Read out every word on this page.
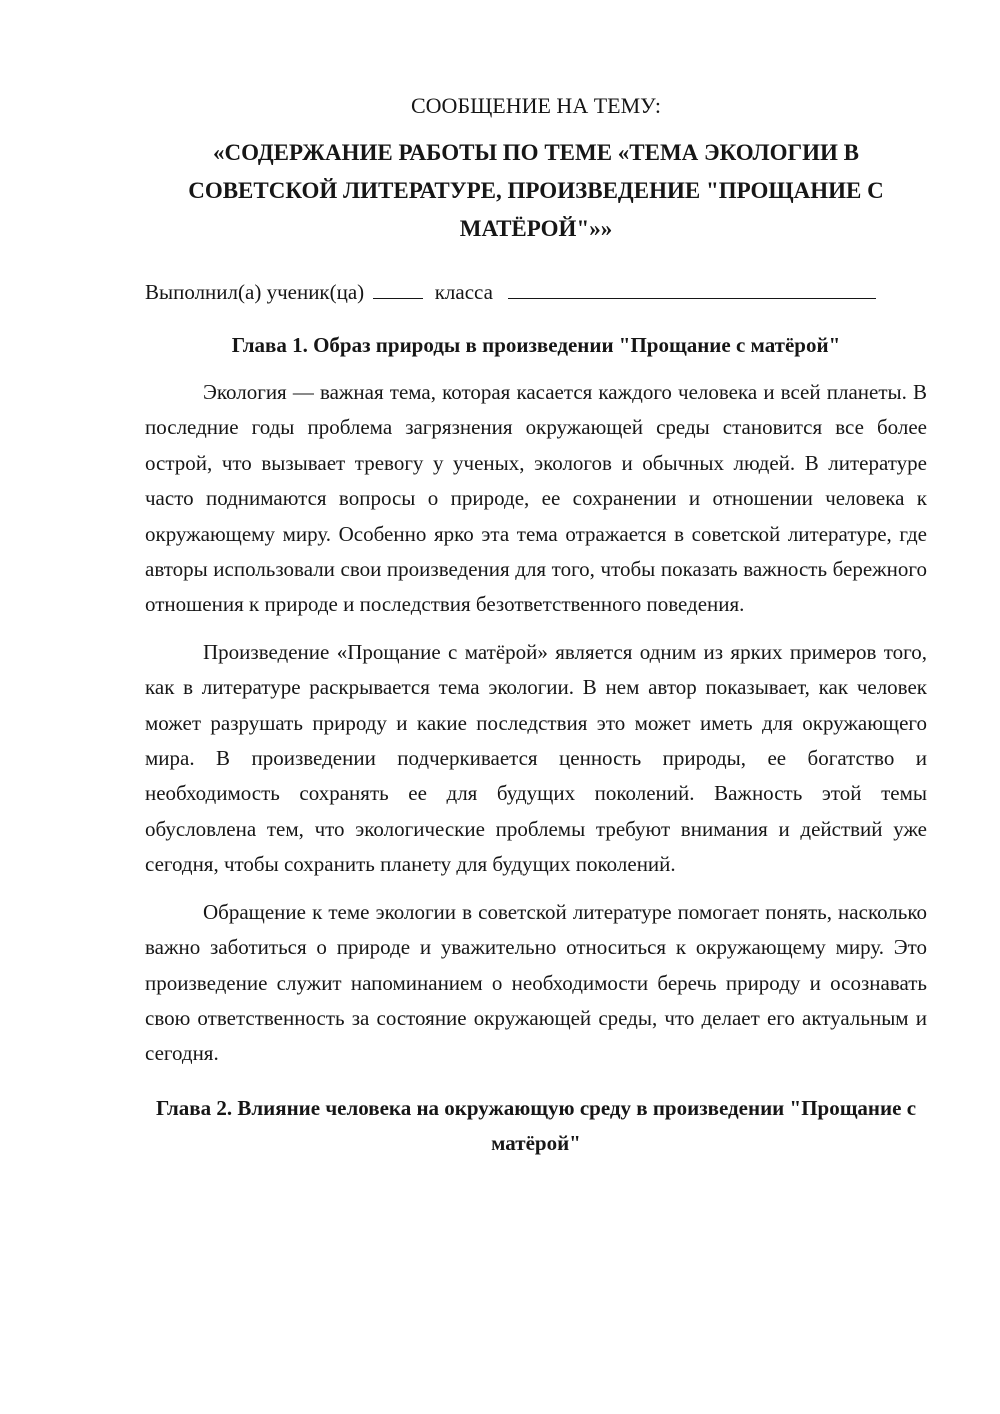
СООБЩЕНИЕ НА ТЕМУ:
«СОДЕРЖАНИЕ РАБОТЫ ПО ТЕМЕ «ТЕМА ЭКОЛОГИИ В СОВЕТСКОЙ ЛИТЕРАТУРЕ, ПРОИЗВЕДЕНИЕ "ПРОЩАНИЕ С МАТЁРОЙ"»»
Выполнил(а) ученик(ца)	класса
Глава 1. Образ природы в произведении "Прощание с матёрой"

Экология — важная тема, которая касается каждого человека и всей планеты. В последние годы проблема загрязнения окружающей среды становится все более острой, что вызывает тревогу у ученых, экологов и обычных людей. В литературе часто поднимаются вопросы о природе, ее сохранении и отношении человека к окружающему миру. Особенно ярко эта тема отражается в советской литературе, где авторы использовали свои произведения для того, чтобы показать важность бережного отношения к природе и последствия безответственного поведения.

Произведение «Прощание с матёрой» является одним из ярких примеров того, как в литературе раскрывается тема экологии. В нем автор показывает, как человек может разрушать природу и какие последствия это может иметь для окружающего мира. В произведении подчеркивается ценность природы, ее богатство и необходимость сохранять ее для будущих поколений. Важность этой темы обусловлена тем, что экологические проблемы требуют внимания и действий уже сегодня, чтобы сохранить планету для будущих поколений.

Обращение к теме экологии в советской литературе помогает понять, насколько важно заботиться о природе и уважительно относиться к окружающему миру. Это произведение служит напоминанием о необходимости беречь природу и осознавать свою ответственность за состояние окружающей среды, что делает его актуальным и сегодня.

Глава 2. Влияние человека на окружающую среду в произведении "Прощание с матёрой"
